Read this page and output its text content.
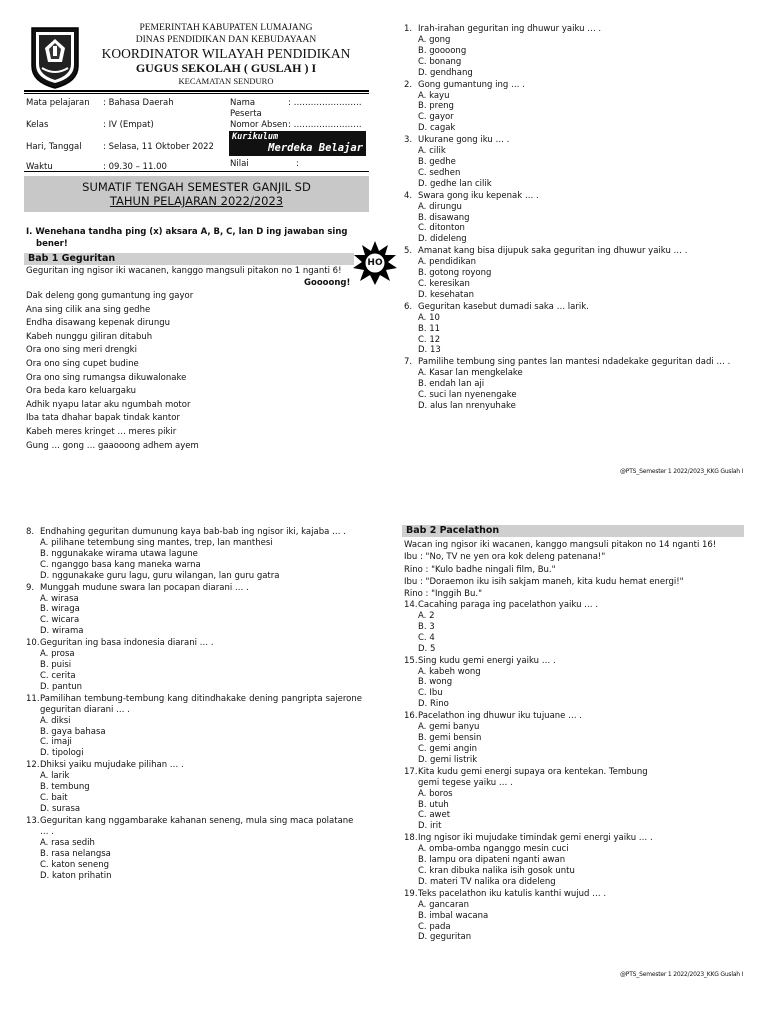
PEMERINTAH KABUPATEN LUMAJANG
DINAS PENDIDIKAN DAN KEBUDAYAAN
KOORDINATOR WILAYAH PENDIDIKAN
GUGUS SEKOLAH ( GUSLAH ) I
KECAMATAN SENDURO
Mata pelajaran	: Bahasa Daerah
Kelas	: IV (Empat)
Hari, Tanggal	: Selasa, 11 Oktober 2022
Waktu	: 09.30 – 11.00
Nama Peserta
: ……………………
Nomor Absen : ……………………
Kurikulum
Merdeka Belajar
Nilai	:
SUMATIF TENGAH SEMESTER GANJIL SD
TAHUN PELAJARAN 2022/2023
I. Wenehana tandha ping (x) aksara A, B, C, lan D ing jawaban sing bener!
HO
Bab 1 Geguritan
Geguritan ing ngisor iki wacanen, kanggo mangsuli pitakon no 1 nganti 6!
Goooong!
Dak deleng gong gumantung ing gayor
Ana sing cilik ana sing gedhe
Endha disawang kepenak dirungu
Kabeh nunggu giliran ditabuh
Ora ono sing meri drengki
Ora ono sing cupet budine
Ora ono sing rumangsa dikuwalonake
Ora beda karo keluargaku
Adhik nyapu latar aku ngumbah motor
Iba tata dhahar bapak tindak kantor
Kabeh meres kringet … meres pikir
Gung … gong … gaaooong adhem ayem
1. Irah-irahan geguritan ing dhuwur yaiku … .
A. gong
B. goooong
C. bonang
D. gendhang
2. Gong gumantung ing … .
A. kayu
B. preng
C. gayor
D. cagak
3. Ukurane gong iku … .
A. cilik
B. gedhe
C. sedhen
D. gedhe lan cilik
4. Swara gong iku kepenak … .
A. dirungu
B. disawang
C. ditonton
D. dideleng
5. Amanat kang bisa dijupuk saka geguritan ing dhuwur yaiku … .
A. pendidikan
B. gotong royong
C. keresikan
D. kesehatan
6. Geguritan kasebut dumadi saka … larik.
A. 10
B. 11
C. 12
D. 13
7. Pamilihe tembung sing pantes lan mantesi ndadekake geguritan dadi … .
A. Kasar lan mengkelake
B. endah lan aji
C. suci lan nyenengake
D. alus lan nrenyuhake
@PTS_Semester 1 2022/2023_KKG Guslah I
8. Endhahing geguritan dumunung kaya bab-bab ing ngisor iki, kajaba … .
A. pilihane tetembung sing mantes, trep, lan manthesi
B. nggunakake wirama utawa lagune
C. nganggo basa kang maneka warna
D. nggunakake guru lagu, guru wilangan, lan guru gatra
9. Munggah mudune swara lan pocapan diarani … .
A. wirasa
B. wiraga
C. wicara
D. wirama
10. Geguritan ing basa indonesia diarani … .
A. prosa
B. puisi
C. cerita
D. pantun
11. Pamilihan tembung-tembung kang ditindhakake dening pangripta sajerone geguritan diarani … .
A. diksi
B. gaya bahasa
C. imaji
D. tipologi
12. Dhiksi yaiku mujudake pilihan … .
A. larik
B. tembung
C. bait
D. surasa
13. Geguritan kang nggambarake kahanan seneng, mula sing maca polatane … .
A. rasa sedih
B. rasa nelangsa
C. katon seneng
D. katon prihatin
Bab 2 Pacelathon
Wacan ing ngisor iki wacanen, kanggo mangsuli pitakon no 14 nganti 16!
Ibu : "No, TV ne yen ora kok deleng patenana!"
Rino : "Kulo badhe ningali film, Bu."
Ibu : "Doraemon iku isih sakjam maneh, kita kudu hemat energi!"
Rino : "Inggih Bu."
14. Cacahing paraga ing pacelathon yaiku … .
A. 2
B. 3
C. 4
D. 5
15. Sing kudu gemi energi yaiku … .
A. kabeh wong
B. wong
C. Ibu
D. Rino
16. Pacelathon ing dhuwur iku tujuane … .
A. gemi banyu
B. gemi bensin
C. gemi angin
D. gemi listrik
17. Kita kudu gemi energi supaya ora kentekan. Tembung gemi tegese yaiku … .
A. boros
B. utuh
C. awet
D. irit
18. Ing ngisor iki mujudake timindak gemi energi yaiku … .
A. omba-omba nganggo mesin cuci
B. lampu ora dipateni nganti awan
C. kran dibuka nalika isih gosok untu
D. materi TV nalika ora dideleng
19. Teks pacelathon iku katulis kanthi wujud … .
A. gancaran
B. imbal wacana
C. pada
D. geguritan
@PTS_Semester 1 2022/2023_KKG Guslah I
